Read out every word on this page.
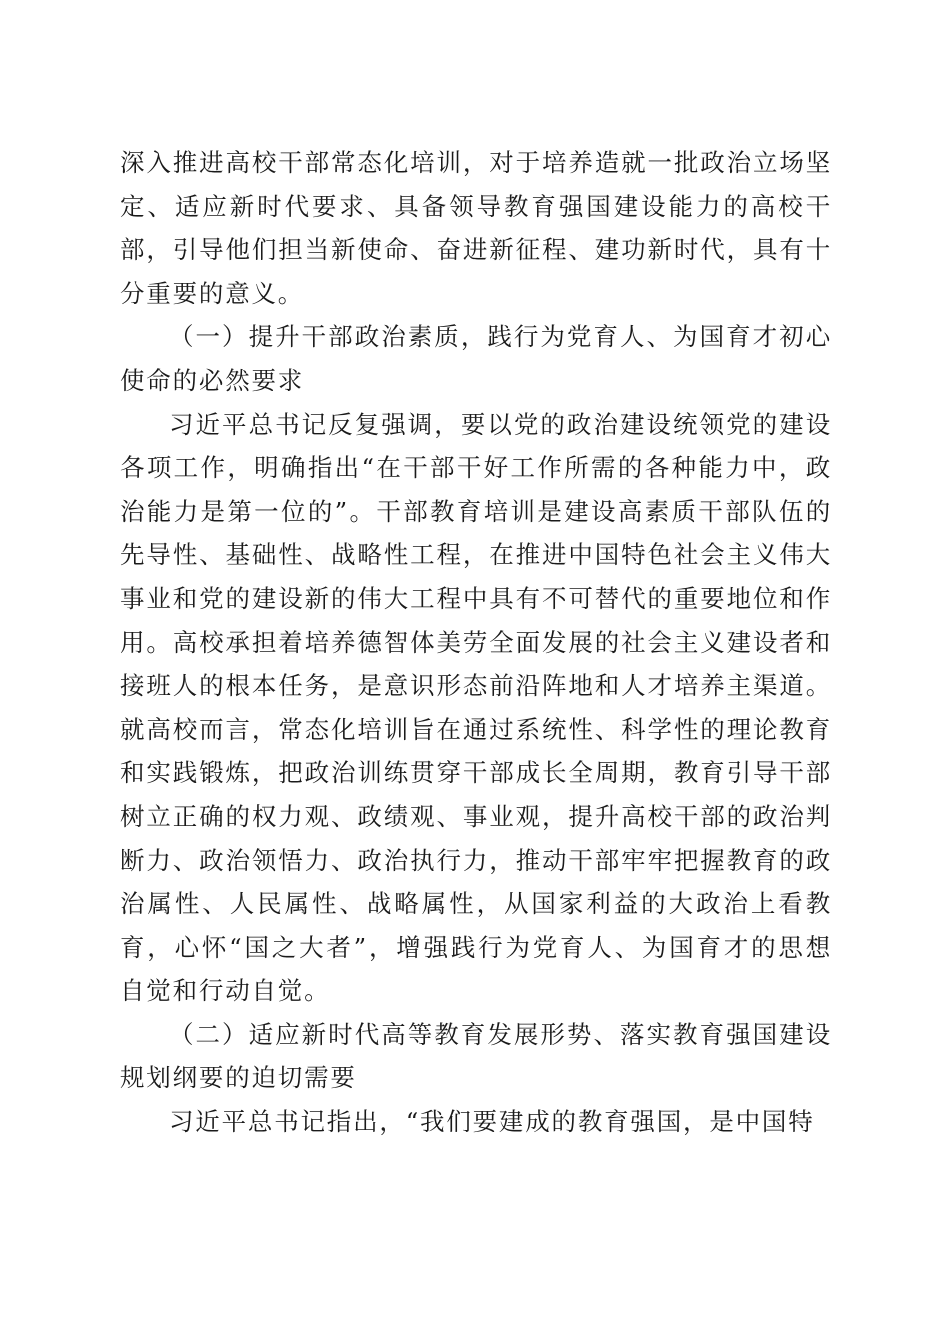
深入推进高校干部常态化培训，对于培养造就一批政治立场坚定、适应新时代要求、具备领导教育强国建设能力的高校干部，引导他们担当新使命、奋进新征程、建功新时代，具有十分重要的意义。

（一）提升干部政治素质，践行为党育人、为国育才初心使命的必然要求

习近平总书记反复强调，要以党的政治建设统领党的建设各项工作，明确指出“在干部干好工作所需的各种能力中，政治能力是第一位的”。干部教育培训是建设高素质干部队伍的先导性、基础性、战略性工程，在推进中国特色社会主义伟大事业和党的建设新的伟大工程中具有不可替代的重要地位和作用。高校承担着培养德智体美劳全面发展的社会主义建设者和接班人的根本任务，是意识形态前沿阵地和人才培养主渠道。就高校而言，常态化培训旨在通过系统性、科学性的理论教育和实践锻炼，把政治训练贯穿干部成长全周期，教育引导干部树立正确的权力观、政绩观、事业观，提升高校干部的政治判断力、政治领悟力、政治执行力，推动干部牢牢把握教育的政治属性、人民属性、战略属性，从国家利益的大政治上看教育，心怀“国之大者”，增强践行为党育人、为国育才的思想自觉和行动自觉。

（二）适应新时代高等教育发展形势、落实教育强国建设规划纲要的迫切需要

习近平总书记指出，“我们要建成的教育强国，是中国特
